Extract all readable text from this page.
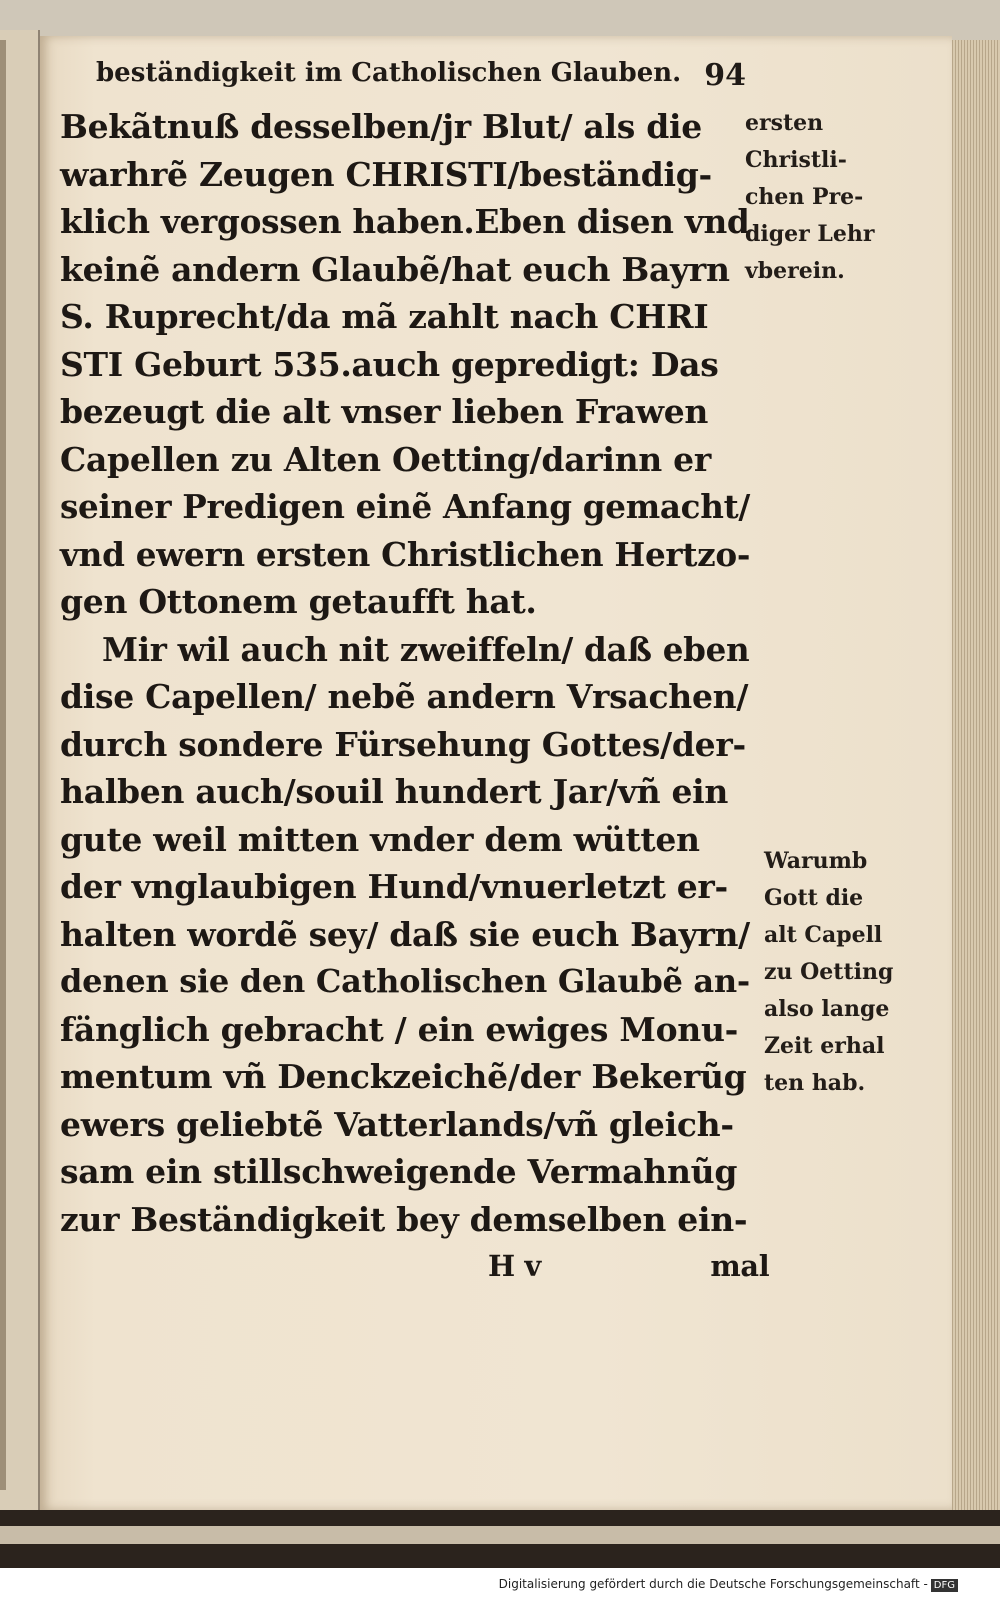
beständigkeit im Catholischen Glauben. 94
Bekãtnuß desselben/jr Blut/ als die
warhrẽ Zeugen CHRISTI/beständig-
klich vergossen haben.Eben disen vnd
keinẽ andern Glaubẽ/hat euch Bayrn
S. Ruprecht/da mã zahlt nach CHRI
STI Geburt 535.auch gepredigt: Das
bezeugt die alt vnser lieben Frawen
Capellen zu Alten Oetting/darinn er
seiner Predigen einẽ Anfang gemacht/
vnd ewern ersten Christlichen Hertzo-
gen Ottonem getaufft hat.
Mir wil auch nit zweiffeln/ daß eben
dise Capellen/ nebẽ andern Vrsachen/
durch sondere Fürsehung Gottes/der-
halben auch/souil hundert Jar/vñ ein
gute weil mitten vnder dem wütten
der vnglaubigen Hund/vnuerletzt er-
halten wordẽ sey/ daß sie euch Bayrn/
denen sie den Catholischen Glaubẽ an-
fänglich gebracht / ein ewiges Monu-
mentum vñ Denckzeichẽ/der Bekerũg
ewers geliebtẽ Vatterlands/vñ gleich-
sam ein stillschweigende Vermahnũg
zur Beständigkeit bey demselben ein-
H v	mal
ersten
Christli-
chen Pre-
diger Lehr
vberein.
Warumb
Gott die
alt Capell
zu Oetting
also lange
Zeit erhal
ten hab.
Digitalisierung gefördert durch die Deutsche Forschungsgemeinschaft - DFG
